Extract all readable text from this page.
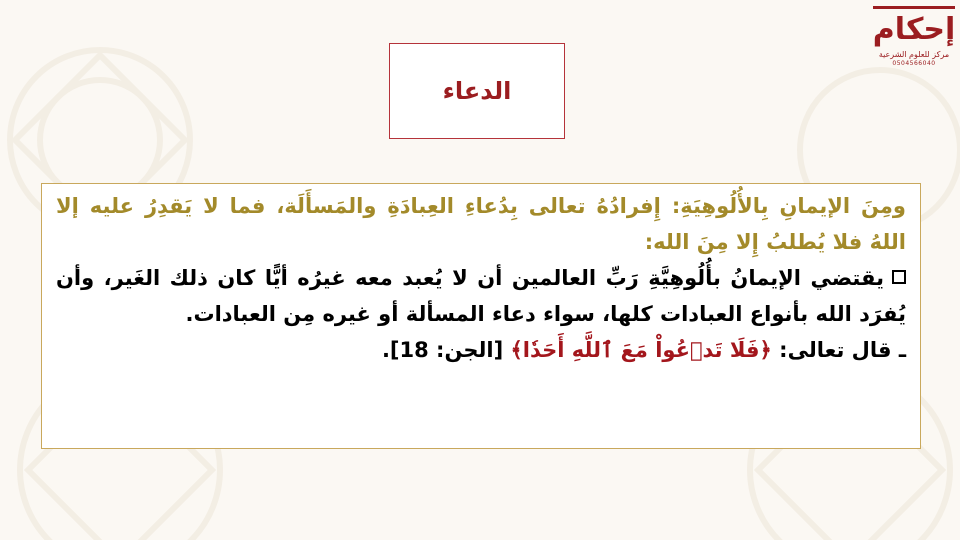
إحكام
مركز للعلوم الشرعية
0504566040
الدعاء

ومِنَ الإيمانِ بِالأُلُوهِيَةِ: إِفرادُهُ تعالى بِدُعاءِ العِبادَةِ والمَسأَلَة، فما لا يَقدِرُ عليه إلا اللهُ فلا يُطلبُ إِلا مِنَ الله:

يقتضي الإيمانُ بأُلُوهِيَّةِ رَبِّ العالمين أن لا يُعبد معه غيرُه أيًّا كان ذلك الغَير، وأن يُفرَد الله بأنواع العبادات كلها، سواء دعاء المسألة أو غيره مِن العبادات.

ـ قال تعالى: ﴿فَلَا تَدۡعُواْ مَعَ ٱللَّهِ أَحَدٗا﴾ [الجن: 18].
